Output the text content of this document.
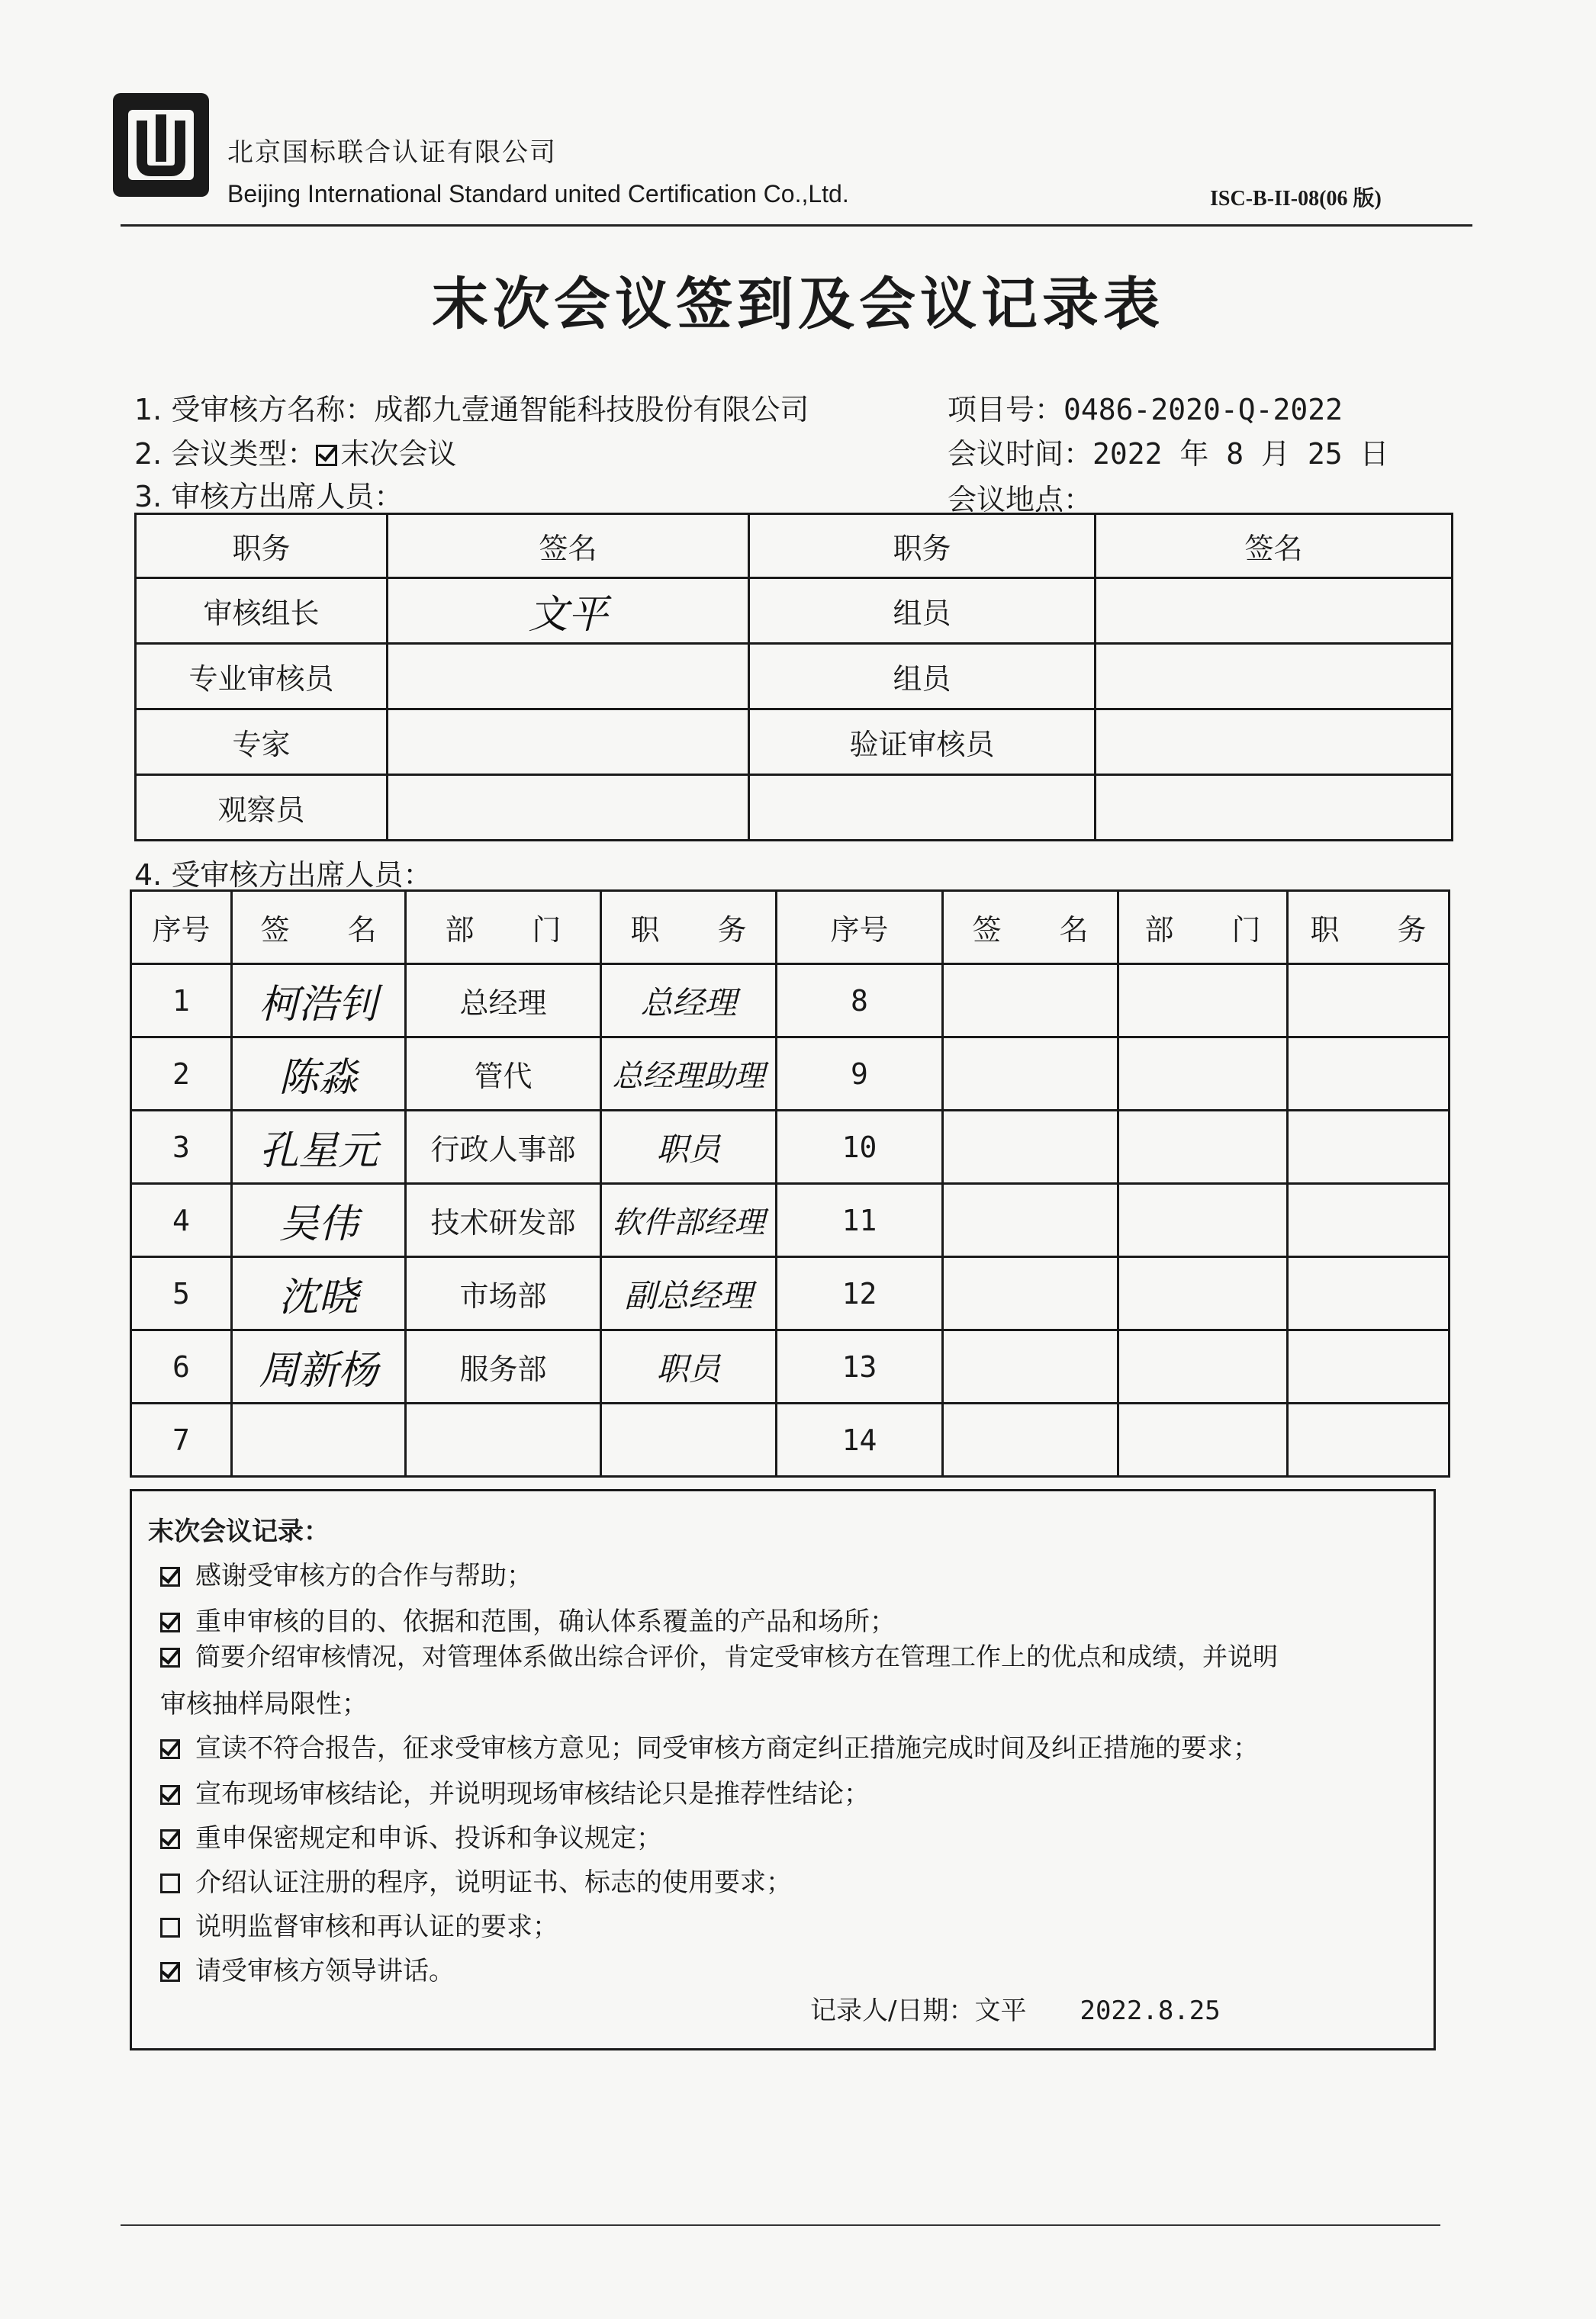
北京国标联合认证有限公司
Beijing International Standard united Certification Co.,Ltd.	ISC-B-II-08(06 版)
末次会议签到及会议记录表
1. 受审核方名称：成都九壹通智能科技股份有限公司	项目号：0486-2020-Q-2022
2. 会议类型： 末次会议	会议时间：2022 年 8 月 25 日
3. 审核方出席人员：	会议地点：
职务	签名	职务	签名
审核组长	文平	组员	
专业审核员		组员	
专家		验证审核员	
观察员			
4. 受审核方出席人员：
序号	签　　名	部　　门	职　　务	序号	签　　名	部　　门	职　　务
1	柯浩钊	总经理	总经理	8			
2	陈淼	管代	总经理助理	9			
3	孔星元	行政人事部	职员	10			
4	吴伟	技术研发部	软件部经理	11			
5	沈晓	市场部	副总经理	12			
6	周新杨	服务部	职员	13			
7				14			
末次会议记录：
感谢受审核方的合作与帮助；
重申审核的目的、依据和范围，确认体系覆盖的产品和场所；
简要介绍审核情况，对管理体系做出综合评价，肯定受审核方在管理工作上的优点和成绩，并说明
审核抽样局限性；
宣读不符合报告，征求受审核方意见；同受审核方商定纠正措施完成时间及纠正措施的要求；
宣布现场审核结论，并说明现场审核结论只是推荐性结论；
重申保密规定和申诉、投诉和争议规定；
介绍认证注册的程序，说明证书、标志的使用要求；
说明监督审核和再认证的要求；
请受审核方领导讲话。
记录人/日期：文平 2022.8.25
